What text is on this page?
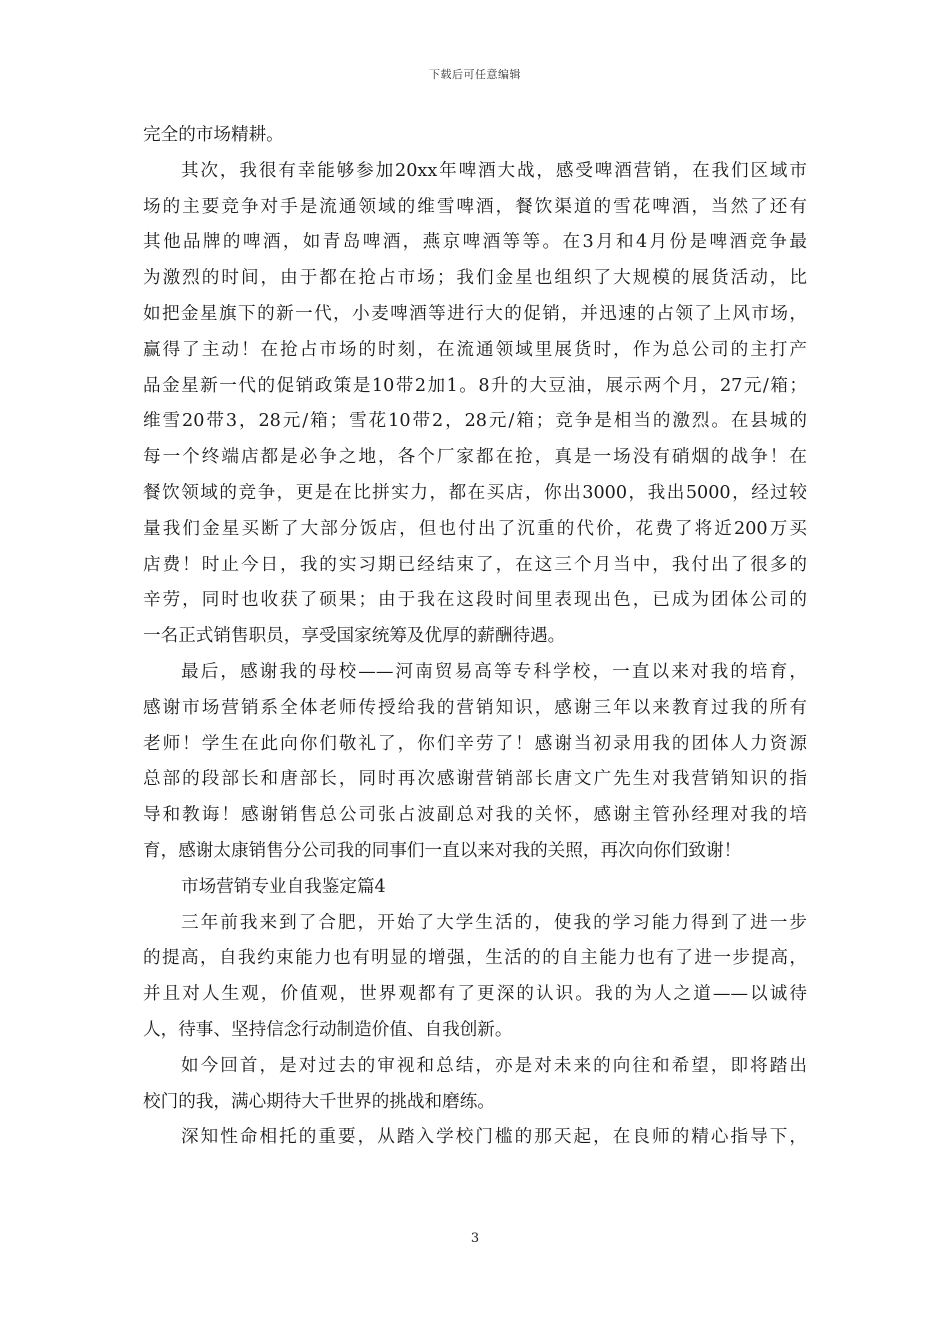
下载后可任意编辑
完全的市场精耕。
其次，我很有幸能够参加20xx年啤酒大战，感受啤酒营销，在我们区域市
场的主要竞争对手是流通领域的维雪啤酒，餐饮渠道的雪花啤酒，当然了还有
其他品牌的啤酒，如青岛啤酒，燕京啤酒等等。在3月和4月份是啤酒竞争最
为激烈的时间，由于都在抢占市场；我们金星也组织了大规模的展货活动，比
如把金星旗下的新一代，小麦啤酒等进行大的促销，并迅速的占领了上风市场，
赢得了主动！在抢占市场的时刻，在流通领域里展货时，作为总公司的主打产
品金星新一代的促销政策是10带2加1。8升的大豆油，展示两个月，27元/箱；
维雪20带3，28元/箱；雪花10带2，28元/箱；竞争是相当的激烈。在县城的
每一个终端店都是必争之地，各个厂家都在抢，真是一场没有硝烟的战争！在
餐饮领域的竞争，更是在比拼实力，都在买店，你出3000，我出5000，经过较
量我们金星买断了大部分饭店，但也付出了沉重的代价，花费了将近200万买
店费！时止今日，我的实习期已经结束了，在这三个月当中，我付出了很多的
辛劳，同时也收获了硕果；由于我在这段时间里表现出色，已成为团体公司的
一名正式销售职员，享受国家统筹及优厚的薪酬待遇。
最后，感谢我的母校——河南贸易高等专科学校，一直以来对我的培育，
感谢市场营销系全体老师传授给我的营销知识，感谢三年以来教育过我的所有
老师！学生在此向你们敬礼了，你们辛劳了！感谢当初录用我的团体人力资源
总部的段部长和唐部长，同时再次感谢营销部长唐文广先生对我营销知识的指
导和教诲！感谢销售总公司张占波副总对我的关怀，感谢主管孙经理对我的培
育，感谢太康销售分公司我的同事们一直以来对我的关照，再次向你们致谢！
市场营销专业自我鉴定篇4
三年前我来到了合肥，开始了大学生活的，使我的学习能力得到了进一步
的提高，自我约束能力也有明显的增强，生活的的自主能力也有了进一步提高，
并且对人生观，价值观，世界观都有了更深的认识。我的为人之道——以诚待
人，待事、坚持信念行动制造价值、自我创新。
如今回首，是对过去的审视和总结，亦是对未来的向往和希望，即将踏出
校门的我，满心期待大千世界的挑战和磨练。
深知性命相托的重要，从踏入学校门槛的那天起，在良师的精心指导下，
3
